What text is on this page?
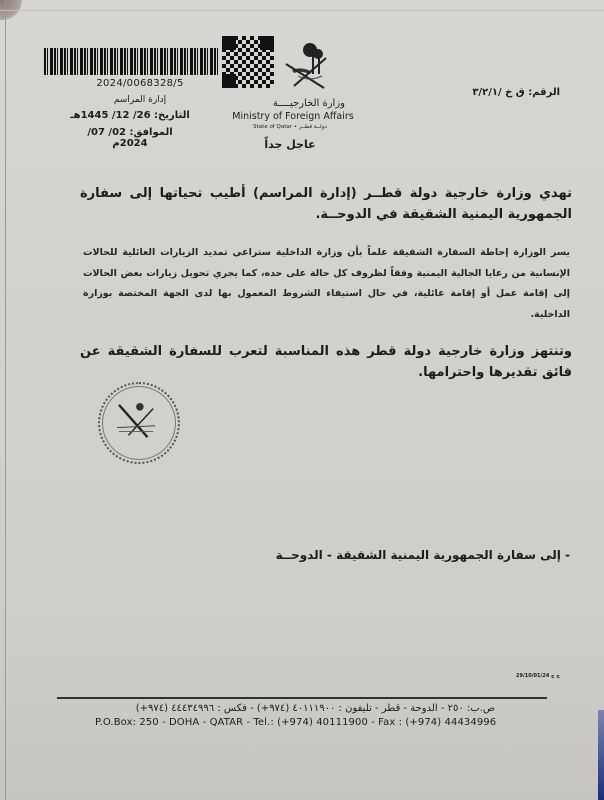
2024/0068328/5
إدارة المراسم
التاريخ: 26/ 12/ 1445هـ
الموافق: 02/ 07/ 2024م
وزارة الخارجيــــة
Ministry of Foreign Affairs
State of Qatar • دولــة قطــر
عاجل جداً
الرقم: ق خ /٣/٢/١
تهدي وزارة خارجية دولة قطــر (إدارة المراسم) أطيب تحياتها إلى سفارة الجمهورية اليمنية الشقيقة في الدوحــة.
يسر الوزارة إحاطة السفارة الشقيقة علماً بأن وزارة الداخلية ستراعي تمديد الزيارات العائلية للحالات الإنسانية من رعايا الجالية اليمنية وفقاً لظروف كل حالة على حده، كما يجري تحويل زيارات بعض الحالات إلى إقامة عمل أو إقامة عائلية، في حال استيفاء الشروط المعمول بها لدى الجهة المختصة بوزارة الداخلية.
وتنتهز وزارة خارجية دولة قطر هذه المناسبة لتعرب للسفارة الشقيقة عن فائق تقديرها واحترامها.
- إلى سفارة الجمهورية اليمنية الشقيقة - الدوحــة
29/10/01/24 ج ج
ص.ب: ٢٥٠ - الدوحة - قطر - تليفون : ٤٠١١١٩٠٠ (٩٧٤+) - فكس : ٤٤٤٣٤٩٩٦ (٩٧٤+)
P.O.Box: 250 - DOHA - QATAR - Tel.: (+974) 40111900 - Fax : (+974) 44434996
